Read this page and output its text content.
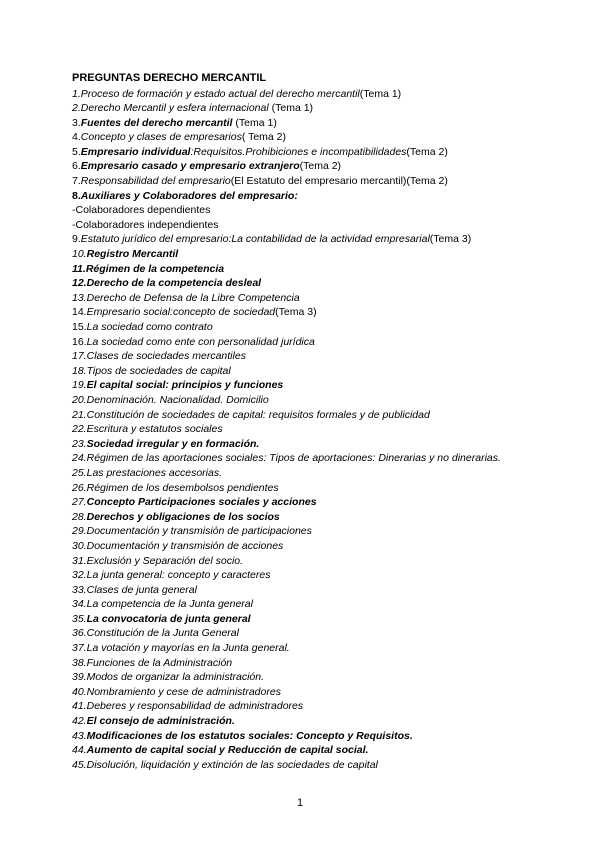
PREGUNTAS DERECHO MERCANTIL
1.Proceso de formación y estado actual del derecho mercantil(Tema 1)
2.Derecho Mercantil y esfera internacional (Tema 1)
3.Fuentes del derecho mercantil (Tema 1)
4.Concepto y clases de empresarios( Tema 2)
5.Empresario individual:Requisitos.Prohibiciones e incompatibilidades(Tema 2)
6.Empresario casado y empresario extranjero(Tema 2)
7.Responsabilidad del empresario(El Estatuto del empresario mercantil)(Tema 2)
8.Auxiliares y Colaboradores del empresario:
-Colaboradores dependientes
-Colaboradores independientes
9.Estatuto jurídico del empresario:La contabilidad de la actividad empresarial(Tema 3)
10.Registro Mercantil
11.Régimen de la competencia
12.Derecho de la competencia desleal
13.Derecho de Defensa de la Libre Competencia
14.Empresario social:concepto de sociedad(Tema 3)
15.La sociedad como contrato
16.La sociedad como ente con personalidad jurídica
17.Clases de sociedades mercantiles
18.Tipos de sociedades de capital
19.El capital social: principios y funciones
20.Denominación. Nacionalidad. Domicilio
21.Constitución de sociedades de capital: requisitos formales y de publicidad
22.Escritura y estatutos sociales
23.Sociedad irregular y en formación.
24.Régimen de las aportaciones sociales: Tipos de aportaciones: Dinerarias y no dinerarias.
25.Las prestaciones accesorias.
26.Régimen de los desembolsos pendientes
27.Concepto Participaciones sociales y acciones
28.Derechos y obligaciones de los socios
29.Documentación y transmisión de participaciones
30.Documentación y transmisión de acciones
31.Exclusión y Separación del socio.
32.La junta general: concepto y caracteres
33.Clases de junta general
34.La competencia de la Junta general
35.La convocatoria de junta general
36.Constitución de la Junta General
37.La votación y mayorías en la Junta general.
38.Funciones de la Administración
39.Modos de organizar la administración.
40.Nombramiento y cese de administradores
41.Deberes y responsabilidad de administradores
42.El consejo de administración.
43.Modificaciones de los estatutos sociales: Concepto y Requisitos.
44.Aumento de capital social y Reducción de capital social.
45.Disolución, liquidación y extinción de las sociedades de capital
1
